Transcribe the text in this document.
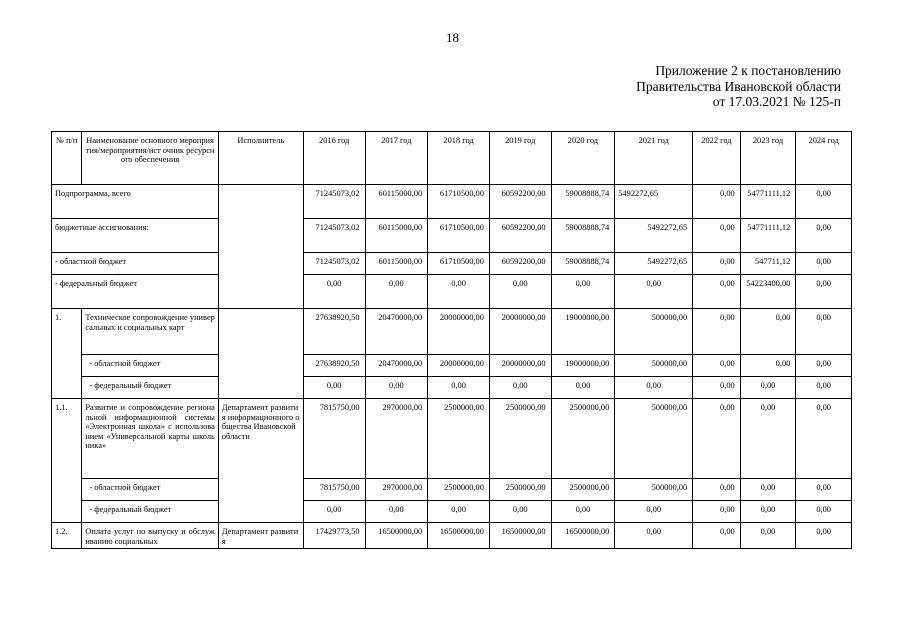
18
Приложение 2 к постановлению
Правительства Ивановской области
от 17.03.2021 № 125-п
№ п/п	Наименование основного мероприятия/мероприятия/ист очник ресурсного обеспечения	Исполнитель	2016 год	2017 год	2018 год	2019 год	2020 год	2021 год	2022 год	2023 год	2024 год
Подпрограмма, всего			71245073,02	60115000,00	61710500,00	60592200,00	59008888,74	5492272,65	0,00	54771111,12	0,00
бюджетные ассигнования:			71245073,02	60115000,00	61710500,00	60592200,00	59008888,74	5492272,65	0,00	54771111,12	0,00
- областной бюджет			71245073,02	60115000,00	61710500,00	60592200,00	59008888,74	5492272,65	0,00	547711,12	0,00
- федеральный бюджет			0,00	0,00	0,00	0,00	0,00	0,00	0,00	54223400,00	0,00
1.	Техническое сопровождение универсальных и социальных карт		27638920,50	20470000,00	20000000,00	20000000,00	19000000,00	500000,00	0,00	0,00	0,00
	- областной бюджет		27638920,50	20470000,00	20000000,00	20000000,00	19000000,00	500000,00	0,00	0,00	0,00
	- федеральный бюджет		0,00	0,00	0,00	0,00	0,00	0,00	0,00	0,00	0,00
1.1.	Развитие и сопровождение региональной информационной системы «Электронная школа» с использованием «Универсальной карты школьника»	Департамент развития информационного общества Ивановской области	7815750,00	2970000,00	2500000,00	2500000,00	2500000,00	500000,00	0,00	0,00	0,00
	- областной бюджет		7815750,00	2970000,00	2500000,00	2500000,00	2500000,00	500000,00	0,00	0,00	0,00
	- федеральный бюджет		0,00	0,00	0,00	0,00	0,00	0,00	0,00	0,00	0,00
1.2.	Оплата услуг по выпуску и обслуживанию социальных	Департамент развития	17429773,50	16500000,00	16500000,00	16500000,00	16500000,00	0,00	0,00	0,00	0,00
